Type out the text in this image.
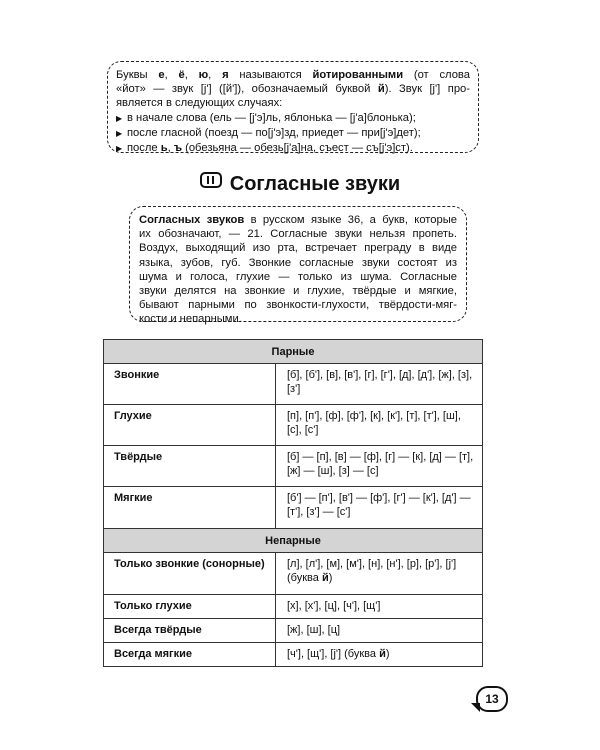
Буквы е, ё, ю, я называются йотированными (от слова
«йот» — звук [j'] ([й']), обозначаемый буквой й). Звук [j'] про-
является в следующих случаях:
▶ в начале слова (ель — [j'э]ль, яблонька — [j'а]блонька);
▶ после гласной (поезд — по[j'э]зд, приедет — при[j'э]дет);
▶ после ь, ъ (обезьяна — обезь[j'а]на, съест — съ[j'э]ст).
Согласные звуки
Согласных звуков в русском языке 36, а букв, которые
их обозначают, — 21. Согласные звуки нельзя пропеть.
Воздух, выходящий изо рта, встречает преграду в виде
языка, зубов, губ. Звонкие согласные звуки состоят из
шума и голоса, глухие — только из шума. Согласные
звуки делятся на звонкие и глухие, твёрдые и мягкие,
бывают парными по звонкости-глухости, твёрдости-мяг-
кости и непарными.
Парные	
Звонкие	[б], [б'], [в], [в'], [г], [г'], [д], [д'], [ж], [з], [з']
Глухие	[п], [п'], [ф], [ф'], [к], [к'], [т], [т'], [ш], [с], [с']
Твёрдые	[б] — [п], [в] — [ф], [г] — [к], [д] — [т], [ж] — [ш], [з] — [с]
Мягкие	[б'] — [п'], [в'] — [ф'], [г'] — [к'], [д'] — [т'], [з'] — [с']
Непарные	
Только звонкие (сонорные)	[л], [л'], [м], [м'], [н], [н'], [р], [р'], [j'] (буква й)
Только глухие	[х], [х'], [ц], [ч'], [щ']
Всегда твёрдые	[ж], [ш], [ц]
Всегда мягкие	[ч'], [щ'], [j'] (буква й)
13
